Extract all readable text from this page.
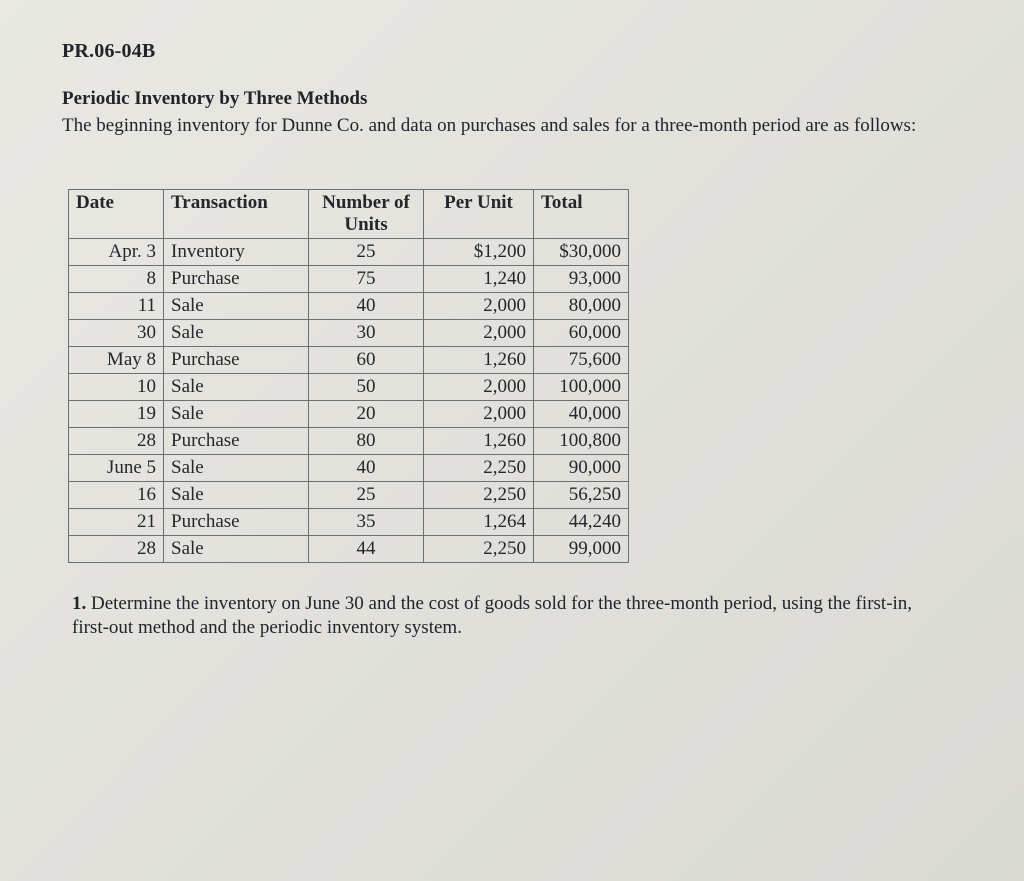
PR.06-04B
Periodic Inventory by Three Methods
The beginning inventory for Dunne Co. and data on purchases and sales for a three-month period are as follows:
Date	Transaction	Number of Units	Per Unit	Total
Apr. 3	Inventory	25	$1,200	$30,000
8	Purchase	75	1,240	93,000
11	Sale	40	2,000	80,000
30	Sale	30	2,000	60,000
May 8	Purchase	60	1,260	75,600
10	Sale	50	2,000	100,000
19	Sale	20	2,000	40,000
28	Purchase	80	1,260	100,800
June 5	Sale	40	2,250	90,000
16	Sale	25	2,250	56,250
21	Purchase	35	1,264	44,240
28	Sale	44	2,250	99,000
1. Determine the inventory on June 30 and the cost of goods sold for the three-month period, using the first-in, first-out method and the periodic inventory system.
